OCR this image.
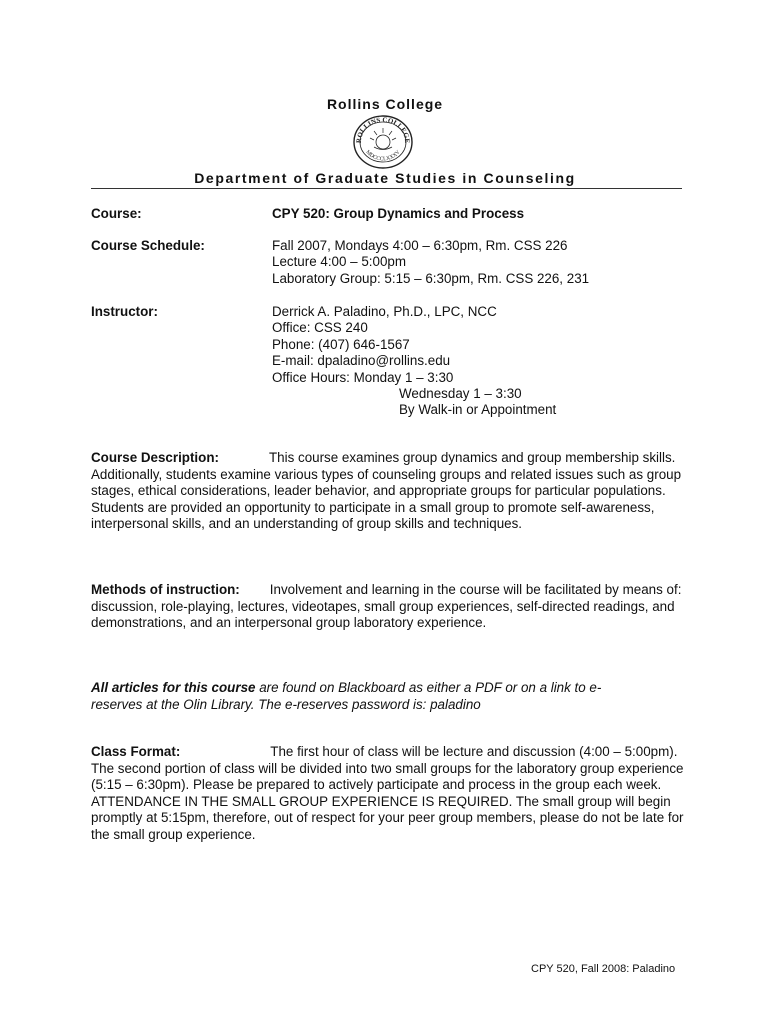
Rollins College
ROLLINS COLLEGE
MDCCCLXXXV
Department of Graduate Studies in Counseling
Course:	CPY 520: Group Dynamics and Process
Course Schedule:	Fall 2007, Mondays 4:00 – 6:30pm, Rm. CSS 226
Lecture 4:00 – 5:00pm
Laboratory Group: 5:15 – 6:30pm, Rm. CSS 226, 231
Instructor:	Derrick A. Paladino, Ph.D., LPC, NCC
Office: CSS 240
Phone: (407) 646-1567
E-mail: dpaladino@rollins.edu
Office Hours: Monday 1 – 3:30
Wednesday 1 – 3:30
By Walk-in or Appointment
Course Description:	This course examines group dynamics and group membership skills. Additionally, students examine various types of counseling groups and related issues such as group stages, ethical considerations, leader behavior, and appropriate groups for particular populations. Students are provided an opportunity to participate in a small group to promote self-awareness, interpersonal skills, and an understanding of group skills and techniques.
Methods of instruction: Involvement and learning in the course will be facilitated by means of: discussion, role-playing, lectures, videotapes, small group experiences, self-directed readings, and demonstrations, and an interpersonal group laboratory experience.
All articles for this course are found on Blackboard as either a PDF or on a link to e-reserves at the Olin Library. The e-reserves password is: paladino
Class Format:	The first hour of class will be lecture and discussion (4:00 – 5:00pm). The second portion of class will be divided into two small groups for the laboratory group experience (5:15 – 6:30pm). Please be prepared to actively participate and process in the group each week. ATTENDANCE IN THE SMALL GROUP EXPERIENCE IS REQUIRED. The small group will begin promptly at 5:15pm, therefore, out of respect for your peer group members, please do not be late for the small group experience.
CPY 520, Fall 2008: Paladino
